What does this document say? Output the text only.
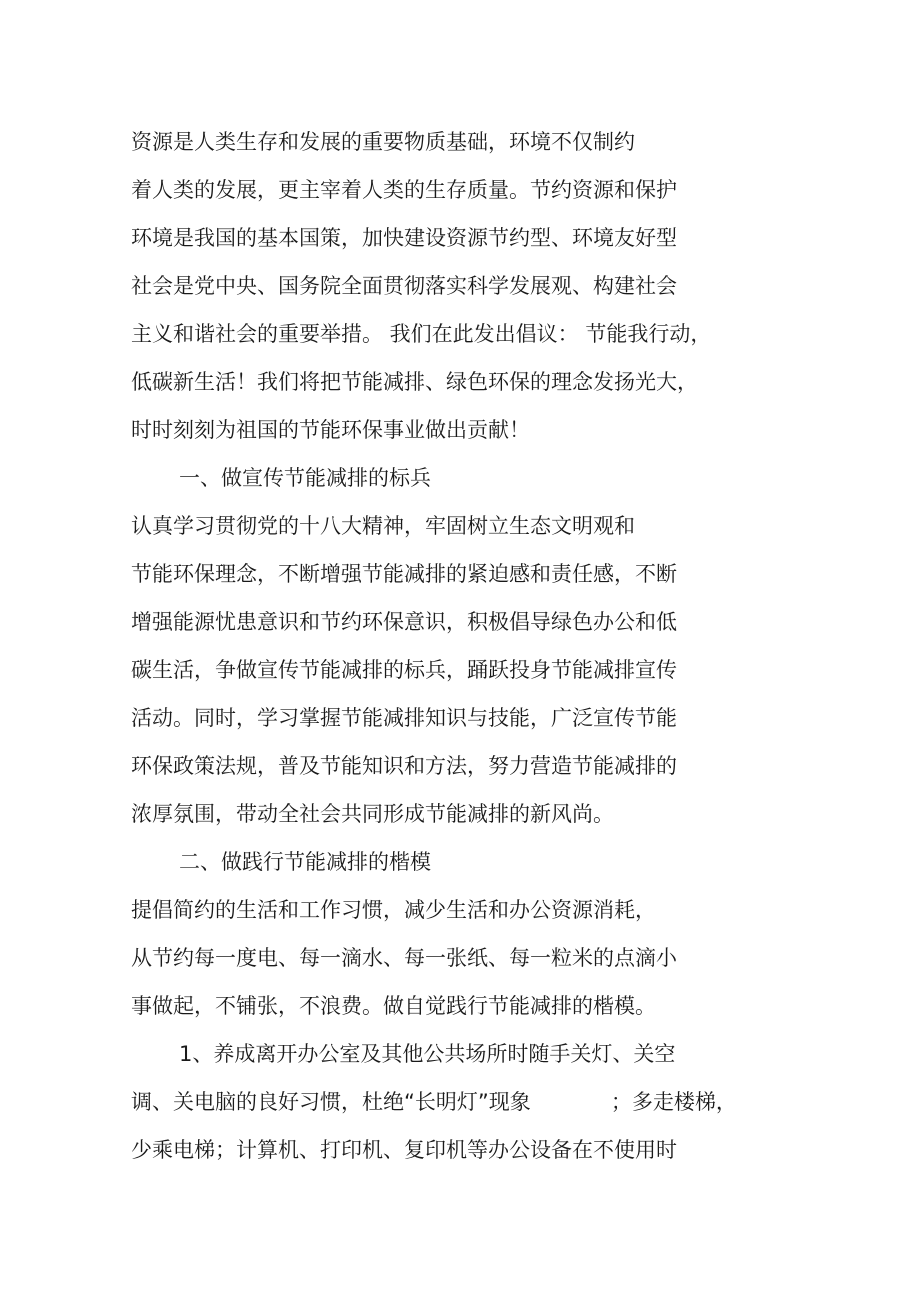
资源是人类生存和发展的重要物质基础，环境不仅制约
着人类的发展，更主宰着人类的生存质量。节约资源和保护
环境是我国的基本国策，加快建设资源节约型、环境友好型
社会是党中央、国务院全面贯彻落实科学发展观、构建社会
主义和谐社会的重要举措。 我们在此发出倡议： 节能我行动，
低碳新生活！我们将把节能减排、绿色环保的理念发扬光大，
时时刻刻为祖国的节能环保事业做出贡献！
一、做宣传节能减排的标兵
认真学习贯彻党的十八大精神，牢固树立生态文明观和
节能环保理念，不断增强节能减排的紧迫感和责任感，不断
增强能源忧患意识和节约环保意识，积极倡导绿色办公和低
碳生活，争做宣传节能减排的标兵，踊跃投身节能减排宣传
活动。同时，学习掌握节能减排知识与技能，广泛宣传节能
环保政策法规，普及节能知识和方法，努力营造节能减排的
浓厚氛围，带动全社会共同形成节能减排的新风尚。
二、做践行节能减排的楷模
提倡简约的生活和工作习惯，减少生活和办公资源消耗，
从节约每一度电、每一滴水、每一张纸、每一粒米的点滴小
事做起，不铺张，不浪费。做自觉践行节能减排的楷模。
1、养成离开办公室及其他公共场所时随手关灯、关空
调、关电脑的良好习惯，杜绝“长明灯”现象            ；多走楼梯，
少乘电梯；计算机、打印机、复印机等办公设备在不使用时
